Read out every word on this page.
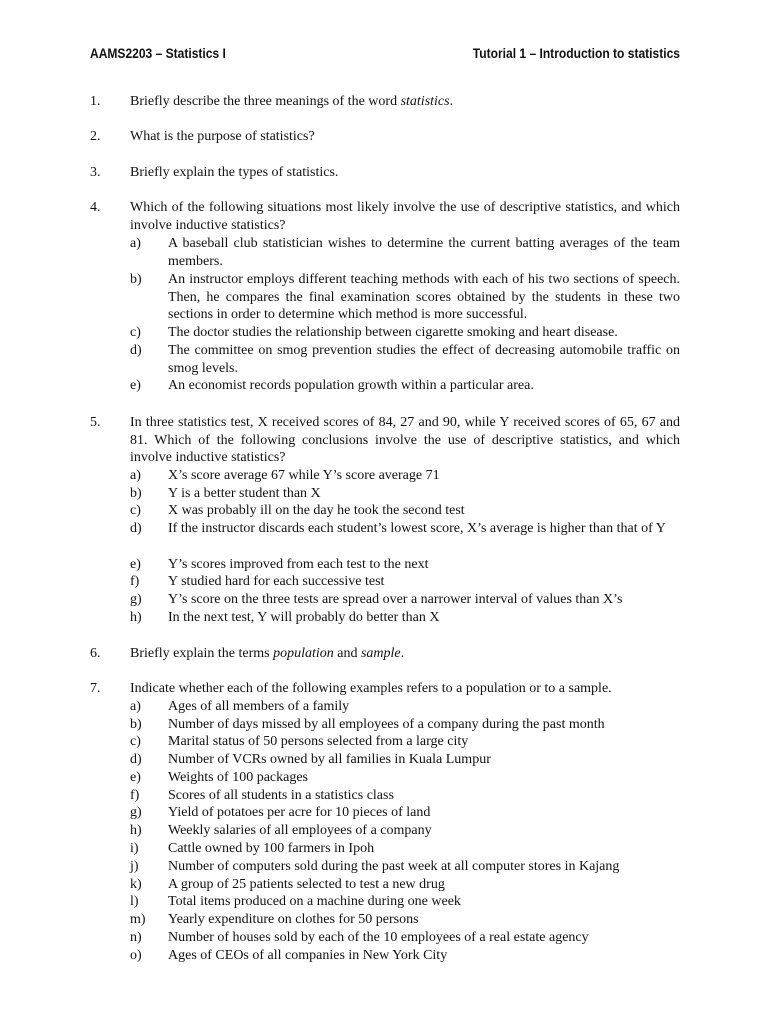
AAMS2203 – Statistics I	Tutorial 1 – Introduction to statistics
1. Briefly describe the three meanings of the word statistics.
2. What is the purpose of statistics?
3. Briefly explain the types of statistics.
4. Which of the following situations most likely involve the use of descriptive statistics, and which involve inductive statistics?
a) A baseball club statistician wishes to determine the current batting averages of the team members.
b) An instructor employs different teaching methods with each of his two sections of speech. Then, he compares the final examination scores obtained by the students in these two sections in order to determine which method is more successful.
c) The doctor studies the relationship between cigarette smoking and heart disease.
d) The committee on smog prevention studies the effect of decreasing automobile traffic on smog levels.
e) An economist records population growth within a particular area.
5. In three statistics test, X received scores of 84, 27 and 90, while Y received scores of 65, 67 and 81. Which of the following conclusions involve the use of descriptive statistics, and which involve inductive statistics?
a) X’s score average 67 while Y’s score average 71
b) Y is a better student than X
c) X was probably ill on the day he took the second test
d) If the instructor discards each student’s lowest score, X’s average is higher than that of Y
e) Y’s scores improved from each test to the next
f) Y studied hard for each successive test
g) Y’s score on the three tests are spread over a narrower interval of values than X’s
h) In the next test, Y will probably do better than X
6. Briefly explain the terms population and sample.
7. Indicate whether each of the following examples refers to a population or to a sample.
a) Ages of all members of a family
b) Number of days missed by all employees of a company during the past month
c) Marital status of 50 persons selected from a large city
d) Number of VCRs owned by all families in Kuala Lumpur
e) Weights of 100 packages
f) Scores of all students in a statistics class
g) Yield of potatoes per acre for 10 pieces of land
h) Weekly salaries of all employees of a company
i) Cattle owned by 100 farmers in Ipoh
j) Number of computers sold during the past week at all computer stores in Kajang
k) A group of 25 patients selected to test a new drug
l) Total items produced on a machine during one week
m) Yearly expenditure on clothes for 50 persons
n) Number of houses sold by each of the 10 employees of a real estate agency
o) Ages of CEOs of all companies in New York City
